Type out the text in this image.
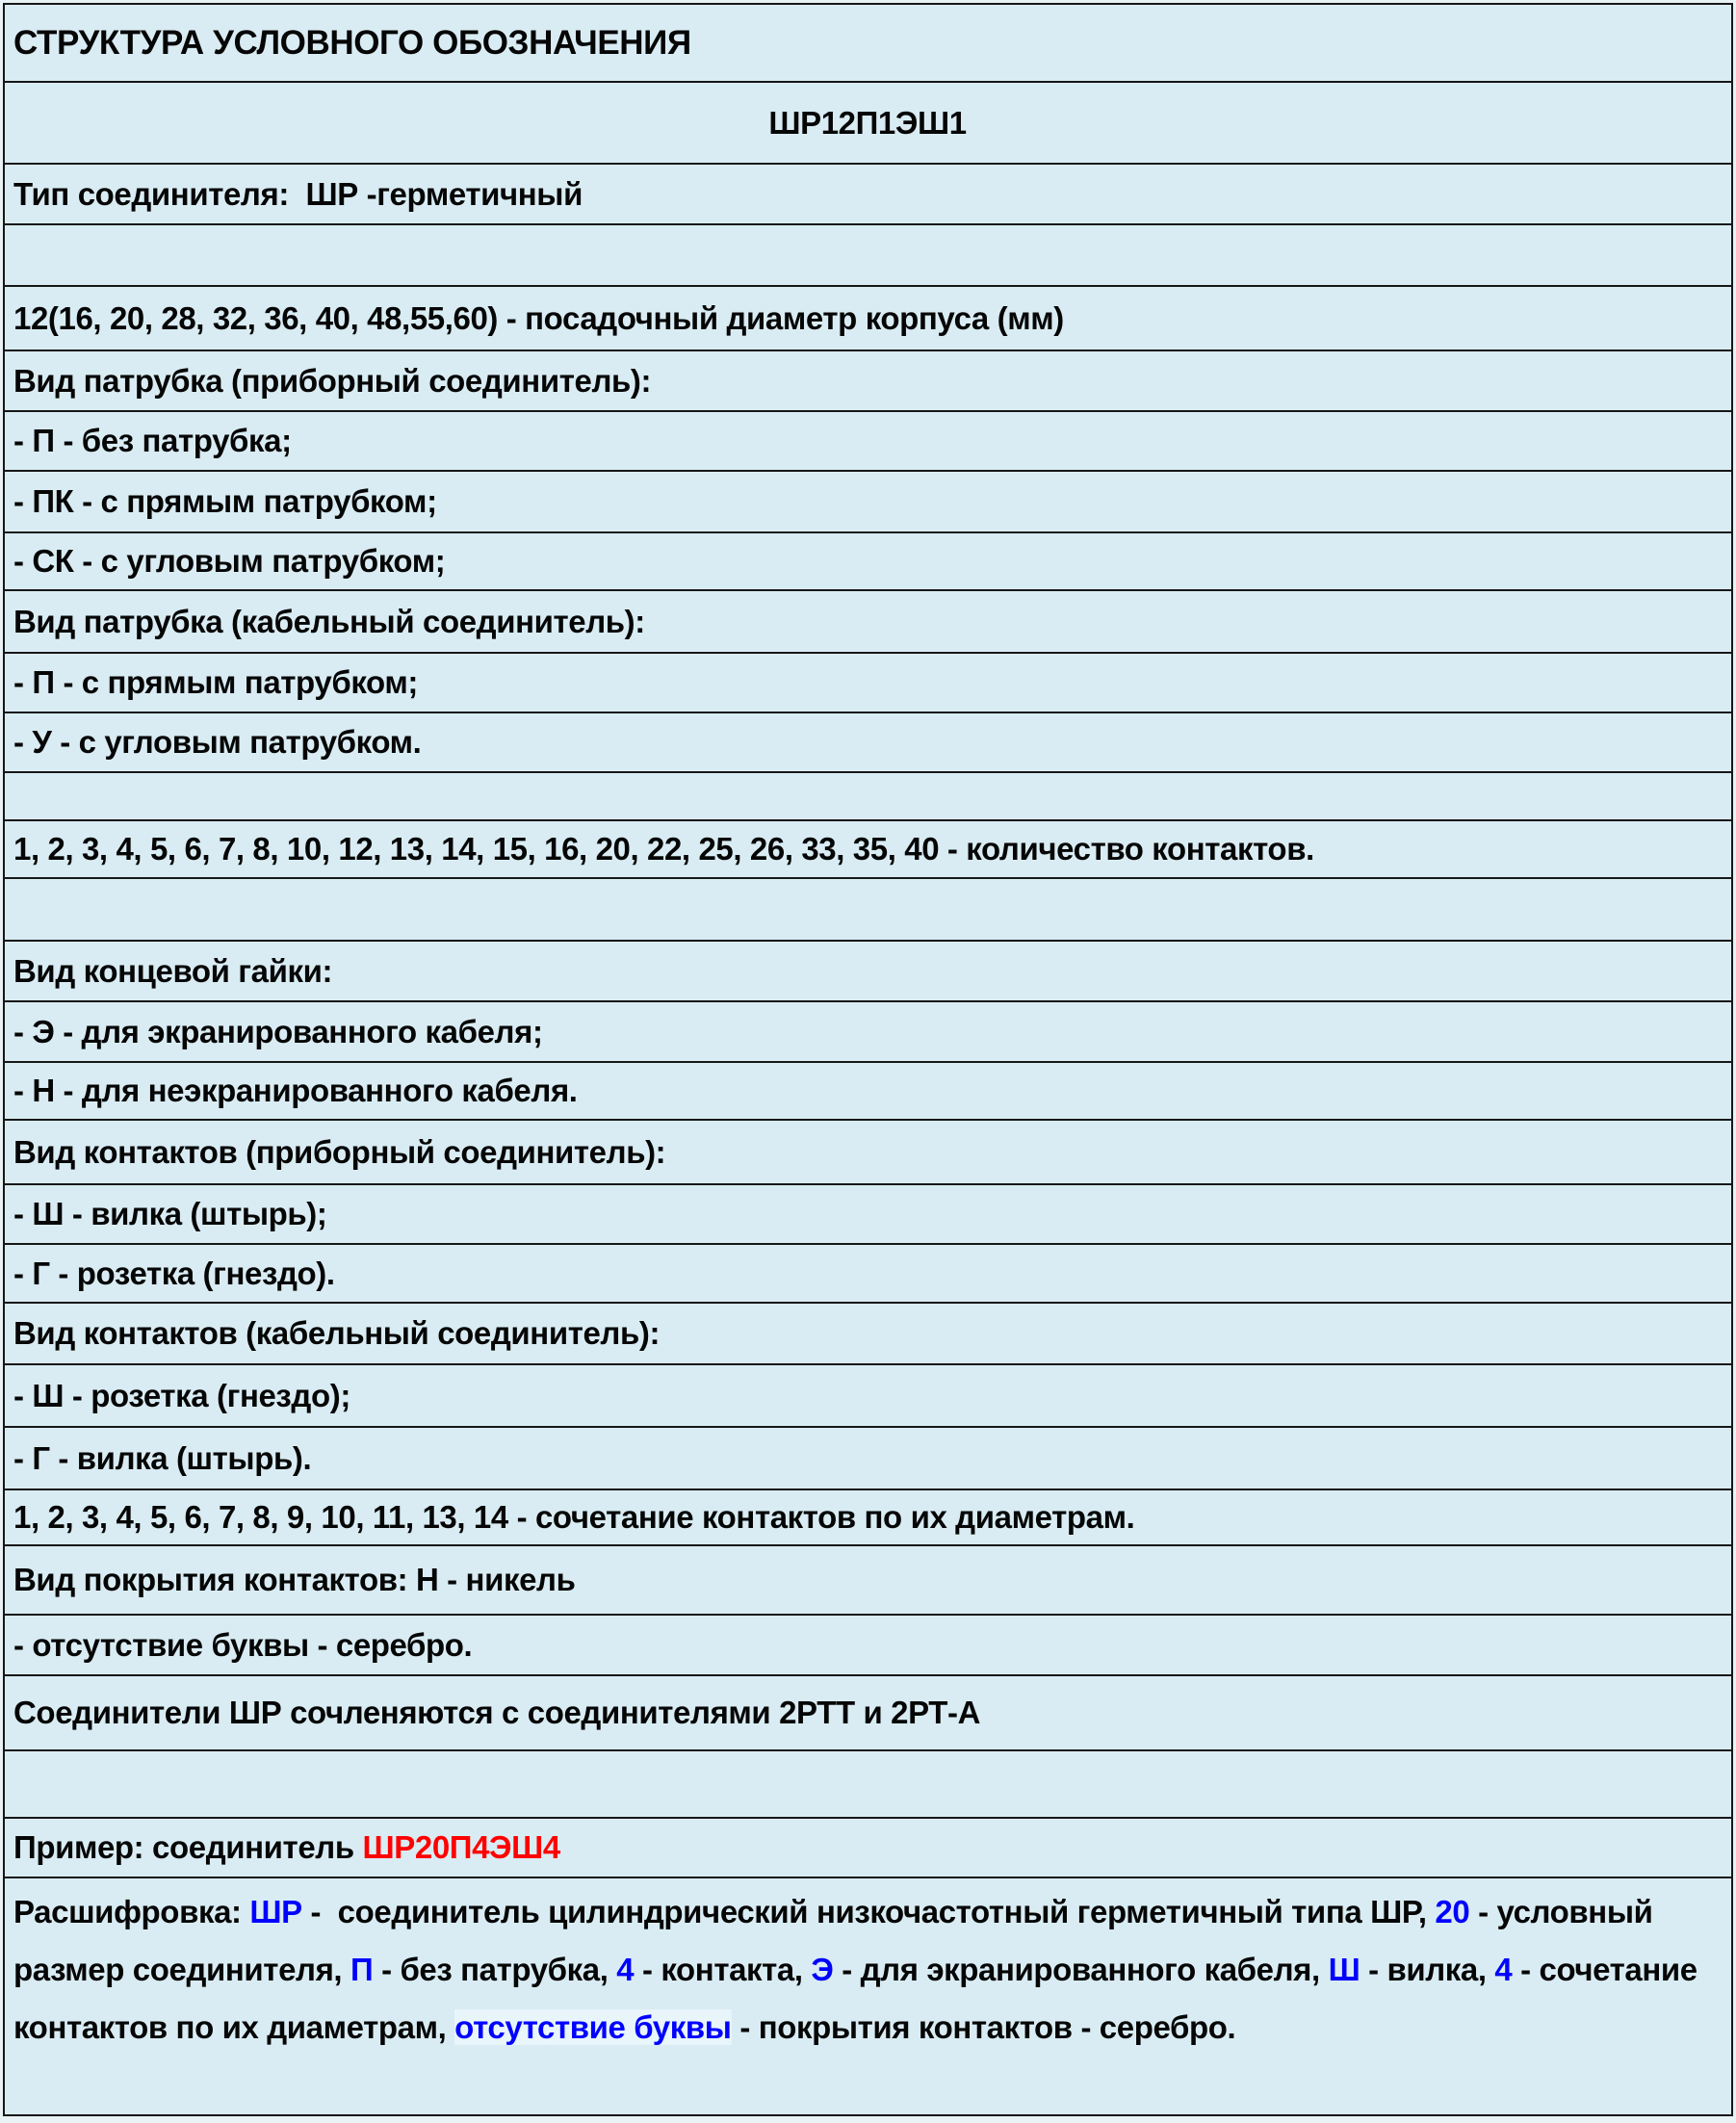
СТРУКТУРА УСЛОВНОГО ОБОЗНАЧЕНИЯ
ШР12П1ЭШ1
Тип соединителя:  ШР -герметичный
12(16, 20, 28, 32, 36, 40, 48,55,60) - посадочный диаметр корпуса (мм)
Вид патрубка (приборный соединитель):
- П - без патрубка;
- ПК - с прямым патрубком;
- СК - с угловым патрубком;
Вид патрубка (кабельный соединитель):
- П - с прямым патрубком;
- У - с угловым патрубком.
1, 2, 3, 4, 5, 6, 7, 8, 10, 12, 13, 14, 15, 16, 20, 22, 25, 26, 33, 35, 40 - количество контактов.
Вид концевой гайки:
- Э - для экранированного кабеля;
- Н - для неэкранированного кабеля.
Вид контактов (приборный соединитель):
- Ш - вилка (штырь);
- Г - розетка (гнездо).
Вид контактов (кабельный соединитель):
- Ш - розетка (гнездо);
- Г - вилка (штырь).
1, 2, 3, 4, 5, 6, 7, 8, 9, 10, 11, 13, 14 - сочетание контактов по их диаметрам.
Вид покрытия контактов: Н - никель
- отсутствие буквы - серебро.
Соединители ШР сочленяются с соединителями 2РТТ и 2РТ-А
Пример: соединитель ШР20П4ЭШ4
Расшифровка: ШР -  соединитель цилиндрический низкочастотный герметичный типа ШР, 20 - условный размер соединителя, П - без патрубка, 4 - контакта, Э - для экранированного кабеля, Ш - вилка, 4 - сочетание контактов по их диаметрам, отсутствие буквы - покрытия контактов - серебро.
